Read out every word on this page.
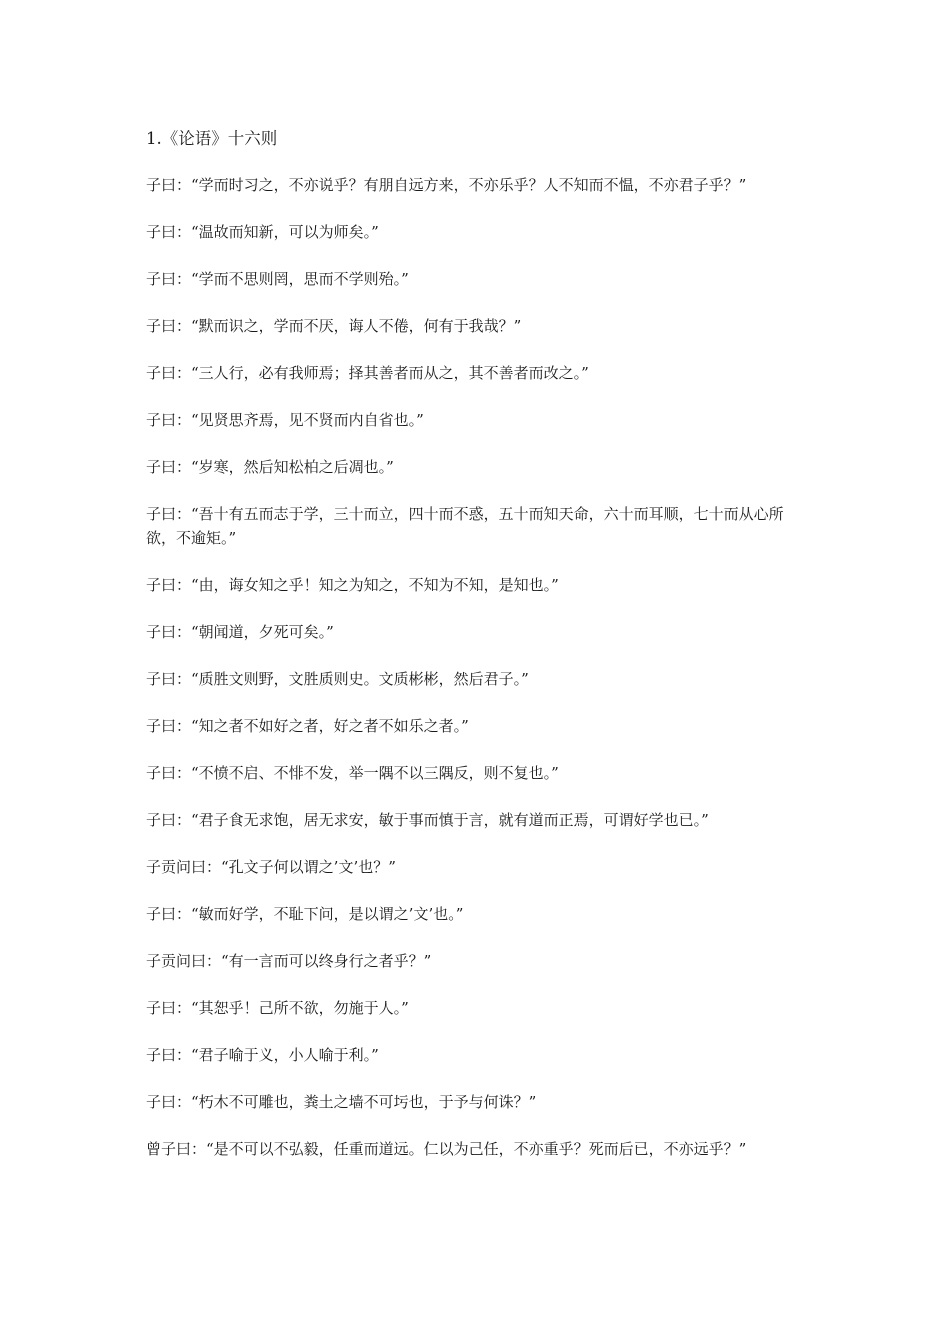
1.《论语》十六则

子曰：“学而时习之，不亦说乎？有朋自远方来，不亦乐乎？人不知而不愠，不亦君子乎？”

子曰：“温故而知新，可以为师矣。”

子曰：“学而不思则罔，思而不学则殆。”

子曰：“默而识之，学而不厌，诲人不倦，何有于我哉？”

子曰：“三人行，必有我师焉；择其善者而从之，其不善者而改之。”

子曰：“见贤思齐焉，见不贤而内自省也。”

子曰：“岁寒，然后知松柏之后凋也。”

子曰：“吾十有五而志于学，三十而立，四十而不惑，五十而知天命，六十而耳顺，七十而从心所欲，不逾矩。”

子曰：“由，诲女知之乎！知之为知之，不知为不知，是知也。”

子曰：“朝闻道，夕死可矣。”

子曰：“质胜文则野，文胜质则史。文质彬彬，然后君子。”

子曰：“知之者不如好之者，好之者不如乐之者。”

子曰：“不愤不启、不悱不发，举一隅不以三隅反，则不复也。”

子曰：“君子食无求饱，居无求安，敏于事而慎于言，就有道而正焉，可谓好学也已。”

子贡问曰：“孔文子何以谓之’文’也？”

子曰：“敏而好学，不耻下问，是以谓之’文’也。”

子贡问曰：“有一言而可以终身行之者乎？”

子曰：“其恕乎！己所不欲，勿施于人。”

子曰：“君子喻于义，小人喻于利。”

子曰：“朽木不可雕也，粪土之墙不可圬也，于予与何诛？”

曾子曰：“是不可以不弘毅，任重而道远。仁以为己任，不亦重乎？死而后已，不亦远乎？”
